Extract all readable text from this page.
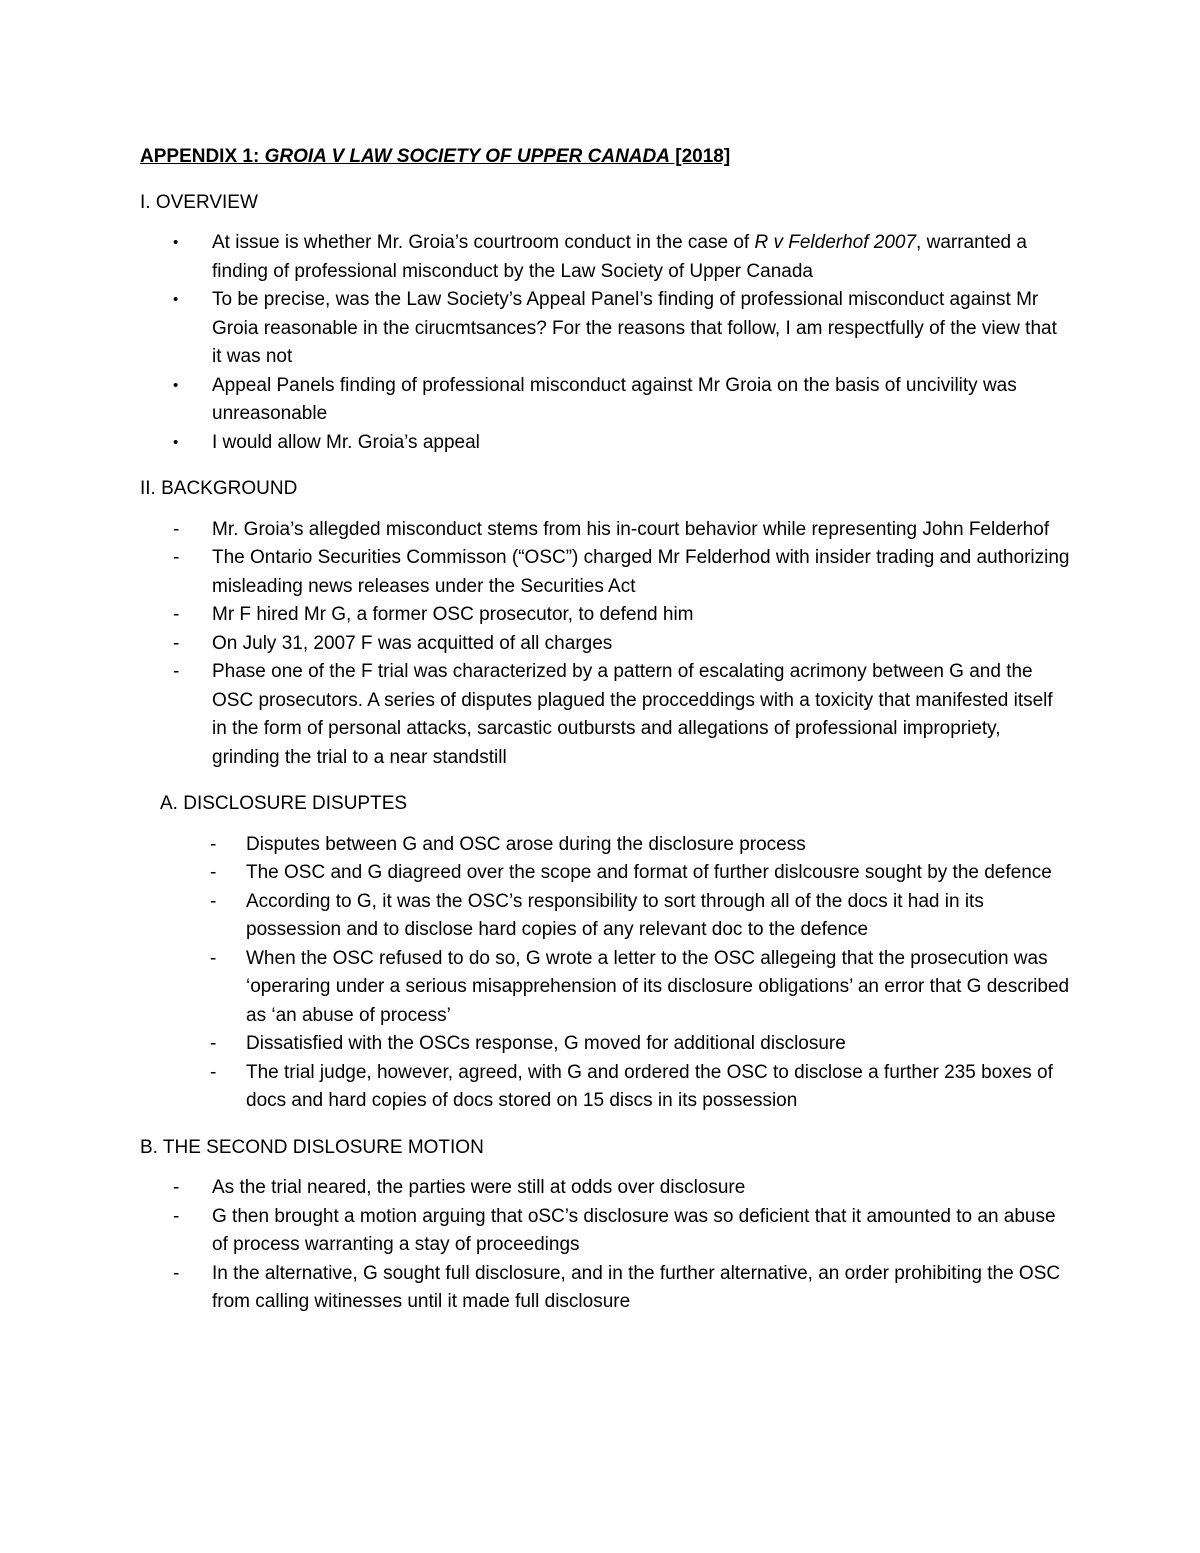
APPENDIX 1: GROIA V LAW SOCIETY OF UPPER CANADA [2018]
I. OVERVIEW
•	At issue is whether Mr. Groia’s courtroom conduct in the case of R v Felderhof 2007, warranted a finding of professional misconduct by the Law Society of Upper Canada
•	To be precise, was the Law Society’s Appeal Panel’s finding of professional misconduct against Mr Groia reasonable in the cirucmtsances? For the reasons that follow, I am respectfully of the view that it was not
•	Appeal Panels finding of professional misconduct against Mr Groia on the basis of uncivility was unreasonable
•	I would allow Mr. Groia’s appeal
II. BACKGROUND
-	Mr. Groia’s allegded misconduct stems from his in-court behavior while representing John Felderhof
-	The Ontario Securities Commisson (“OSC”) charged Mr Felderhod with insider trading and authorizing misleading news releases under the Securities Act
-	Mr F hired Mr G, a former OSC prosecutor, to defend him
-	On July 31, 2007 F was acquitted of all charges
-	Phase one of the F trial was characterized by a pattern of escalating acrimony between G and the OSC prosecutors. A series of disputes plagued the procceddings with a toxicity that manifested itself in the form of personal attacks, sarcastic outbursts and allegations of professional impropriety, grinding the trial to a near standstill
A. DISCLOSURE DISUPTES
-	Disputes between G and OSC arose during the disclosure process
-	The OSC and G diagreed over the scope and format of further dislcousre sought by the defence
-	According to G, it was the OSC’s responsibility to sort through all of the docs it had in its possession and to disclose hard copies of any relevant doc to the defence
-	When the OSC refused to do so, G wrote a letter to the OSC allegeing that the prosecution was ‘operaring under a serious misapprehension of its disclosure obligations’ an error that G described as ‘an abuse of process’
-	Dissatisfied with the OSCs response, G moved for additional disclosure
-	The trial judge, however, agreed, with G and ordered the OSC to disclose a further 235 boxes of docs and hard copies of docs stored on 15 discs in its possession
B. THE SECOND DISLOSURE MOTION
-	As the trial neared, the parties were still at odds over disclosure
-	G then brought a motion arguing that oSC’s disclosure was so deficient that it amounted to an abuse of process warranting a stay of proceedings
-	In the alternative, G sought full disclosure, and in the further alternative, an order prohibiting the OSC from calling witinesses until it made full disclosure
